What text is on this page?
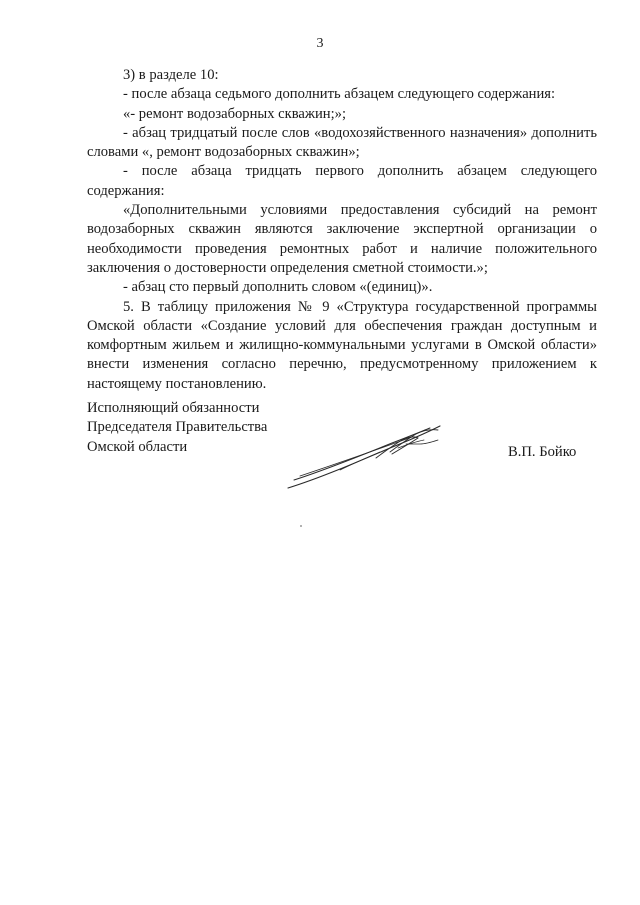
3

3) в разделе 10:

- после абзаца седьмого дополнить абзацем следующего содержания:

«- ремонт водозаборных скважин;»;

- абзац тридцатый после слов «водохозяйственного назначения» дополнить словами «, ремонт водозаборных скважин»;

- после абзаца тридцать первого дополнить абзацем следующего содержания:

«Дополнительными условиями предоставления субсидий на ремонт водозаборных скважин являются заключение экспертной организации о необходимости проведения ремонтных работ и наличие положительного заключения о достоверности определения сметной стоимости.»;

- абзац сто первый дополнить словом «(единиц)».

5. В таблицу приложения № 9 «Структура государственной программы Омской области «Создание условий для обеспечения граждан доступным и комфортным жильем и жилищно-коммунальными услугами в Омской области» внести изменения согласно перечню, предусмотренному приложением к настоящему постановлению.

Исполняющий обязанности
Председателя Правительства
Омской области	В.П. Бойко
